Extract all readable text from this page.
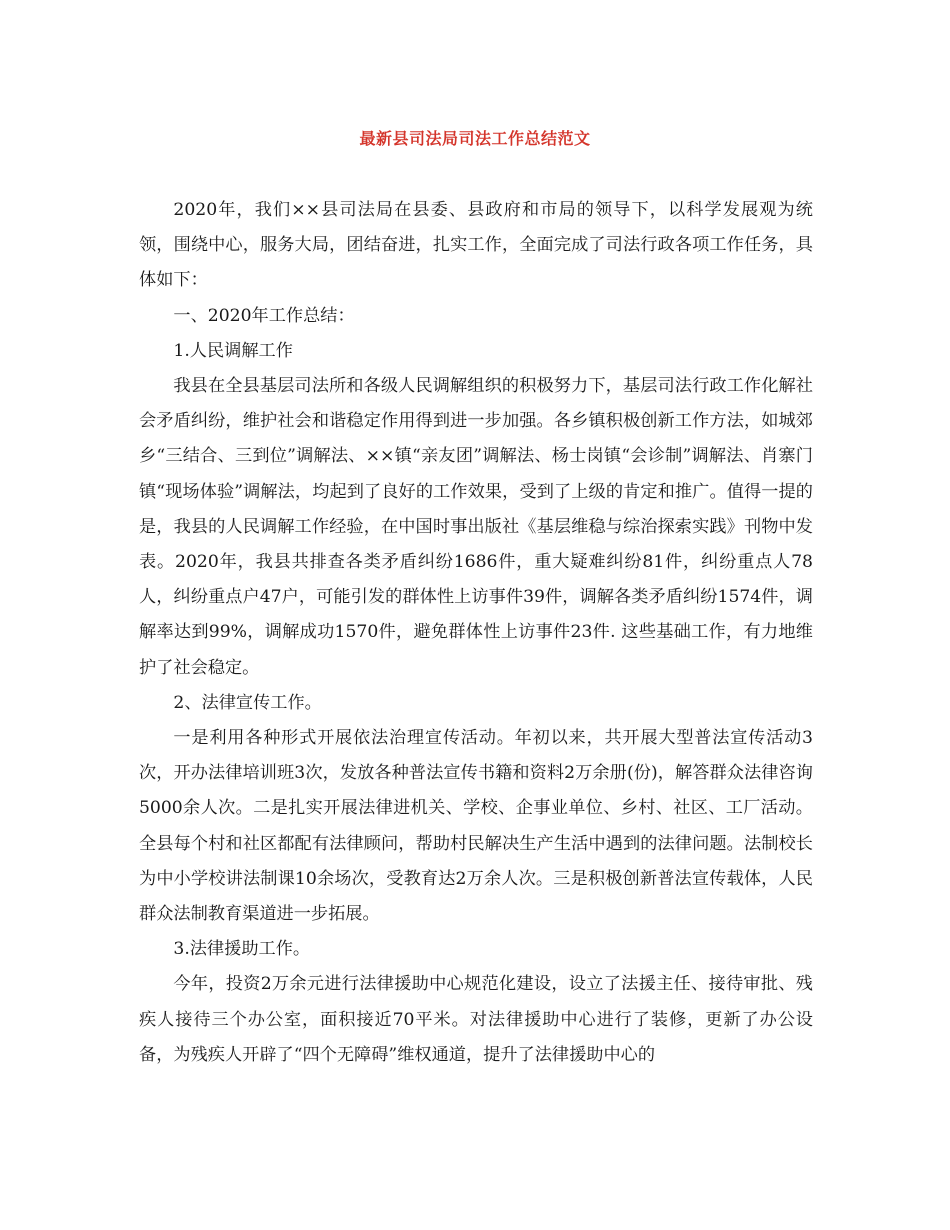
最新县司法局司法工作总结范文

2020年，我们××县司法局在县委、县政府和市局的领导下，以科学发展观为统领，围绕中心，服务大局，团结奋进，扎实工作，全面完成了司法行政各项工作任务，具体如下：

一、2020年工作总结：

1.人民调解工作

我县在全县基层司法所和各级人民调解组织的积极努力下，基层司法行政工作化解社会矛盾纠纷，维护社会和谐稳定作用得到进一步加强。各乡镇积极创新工作方法，如城郊乡“三结合、三到位”调解法、××镇“亲友团”调解法、杨士岗镇“会诊制”调解法、肖寨门镇“现场体验”调解法，均起到了良好的工作效果，受到了上级的肯定和推广。值得一提的是，我县的人民调解工作经验，在中国时事出版社《基层维稳与综治探索实践》刊物中发表。2020年，我县共排查各类矛盾纠纷1686件，重大疑难纠纷81件，纠纷重点人78人，纠纷重点户47户，可能引发的群体性上访事件39件，调解各类矛盾纠纷1574件，调解率达到99%，调解成功1570件，避免群体性上访事件23件. 这些基础工作，有力地维护了社会稳定。

2、法律宣传工作。

一是利用各种形式开展依法治理宣传活动。年初以来，共开展大型普法宣传活动3次，开办法律培训班3次，发放各种普法宣传书籍和资料2万余册(份)，解答群众法律咨询5000余人次。二是扎实开展法律进机关、学校、企事业单位、乡村、社区、工厂活动。全县每个村和社区都配有法律顾问，帮助村民解决生产生活中遇到的法律问题。法制校长为中小学校讲法制课10余场次，受教育达2万余人次。三是积极创新普法宣传载体，人民群众法制教育渠道进一步拓展。

3.法律援助工作。

今年，投资2万余元进行法律援助中心规范化建设，设立了法援主任、接待审批、残疾人接待三个办公室，面积接近70平米。对法律援助中心进行了装修，更新了办公设备，为残疾人开辟了“四个无障碍”维权通道，提升了法律援助中心的
